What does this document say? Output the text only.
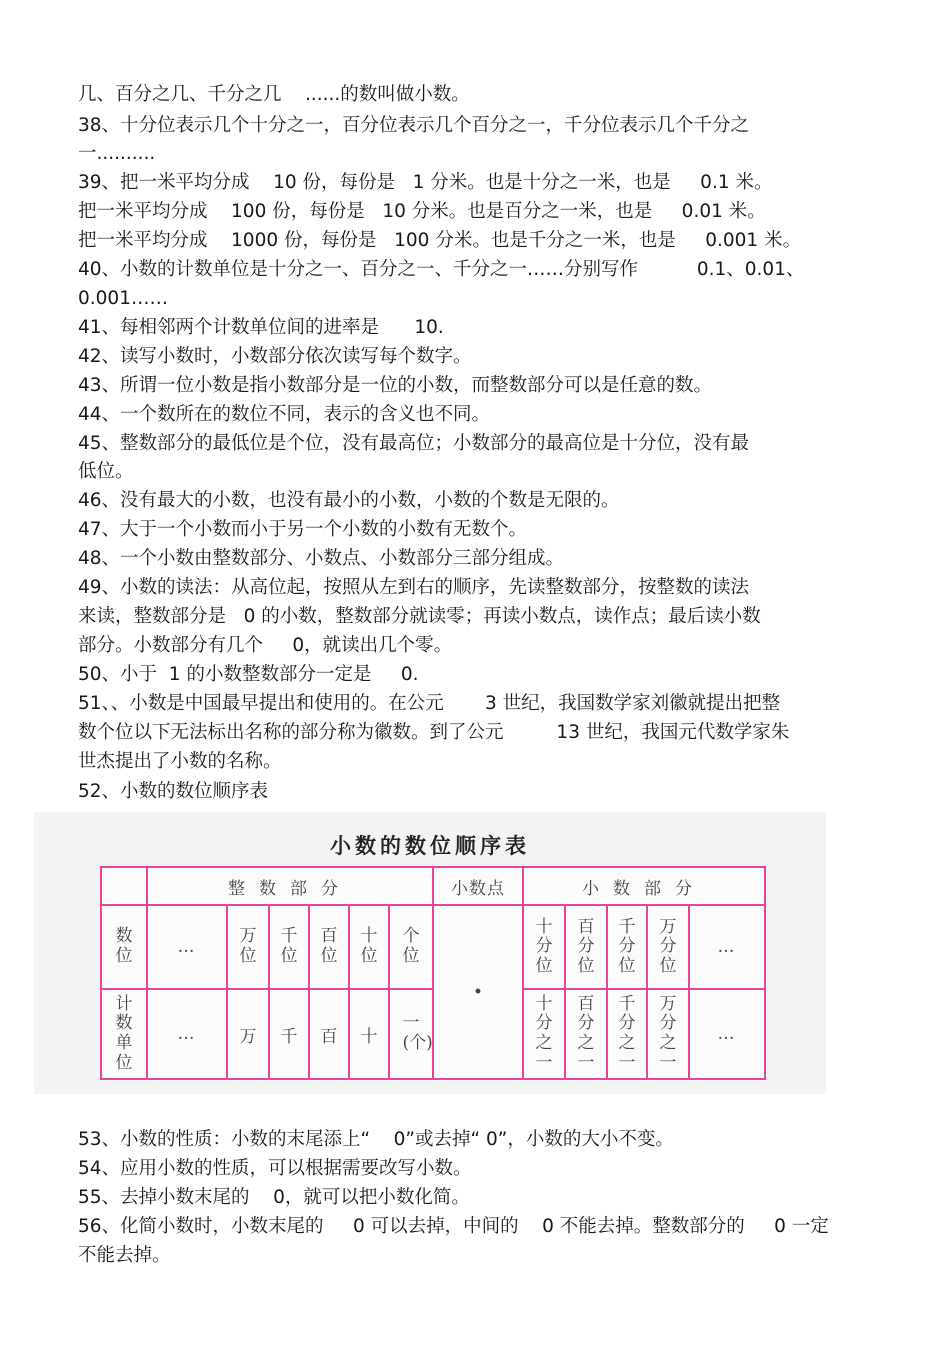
几、百分之几、千分之几    ......的数叫做小数。
38、十分位表示几个十分之一，百分位表示几个百分之一，千分位表示几个千分之
一..........
39、把一米平均分成    10 份，每份是   1 分米。也是十分之一米，也是     0.1 米。
把一米平均分成    100 份，每份是   10 分米。也是百分之一米，也是     0.01 米。
把一米平均分成    1000 份，每份是   100 分米。也是千分之一米，也是     0.001 米。
40、小数的计数单位是十分之一、百分之一、千分之一……分别写作          0.1、0.01、
0.001……
41、每相邻两个计数单位间的进率是      10.
42、读写小数时，小数部分依次读写每个数字。
43、所谓一位小数是指小数部分是一位的小数，而整数部分可以是任意的数。
44、一个数所在的数位不同，表示的含义也不同。
45、整数部分的最低位是个位，没有最高位；小数部分的最高位是十分位，没有最
低位。
46、没有最大的小数，也没有最小的小数，小数的个数是无限的。
47、大于一个小数而小于另一个小数的小数有无数个。
48、一个小数由整数部分、小数点、小数部分三部分组成。
49、小数的读法：从高位起，按照从左到右的顺序，先读整数部分，按整数的读法
来读，整数部分是   0 的小数，整数部分就读零；再读小数点，读作点；最后读小数
部分。小数部分有几个     0，就读出几个零。
50、小于  1 的小数整数部分一定是     0.
51、、小数是中国最早提出和使用的。在公元       3 世纪，我国数学家刘徽就提出把整
数个位以下无法标出名称的部分称为徽数。到了公元         13 世纪，我国元代数学家朱
世杰提出了小数的名称。
52、小数的数位顺序表
小数的数位顺序表
	整数部分						小数点	小数部分				
数位	…	万位	千位	百位	十位	个位	·	十分位	百分位	千分位	万分位	…
计数单位	…	万	千	百	十	一(个)		十分之一	百分之一	千分之一	万分之一	…
53、小数的性质：小数的末尾添上“    0”或去掉“ 0”，小数的大小不变。
54、应用小数的性质，可以根据需要改写小数。
55、去掉小数末尾的    0，就可以把小数化简。
56、化简小数时，小数末尾的     0 可以去掉，中间的    0 不能去掉。整数部分的     0 一定
不能去掉。
